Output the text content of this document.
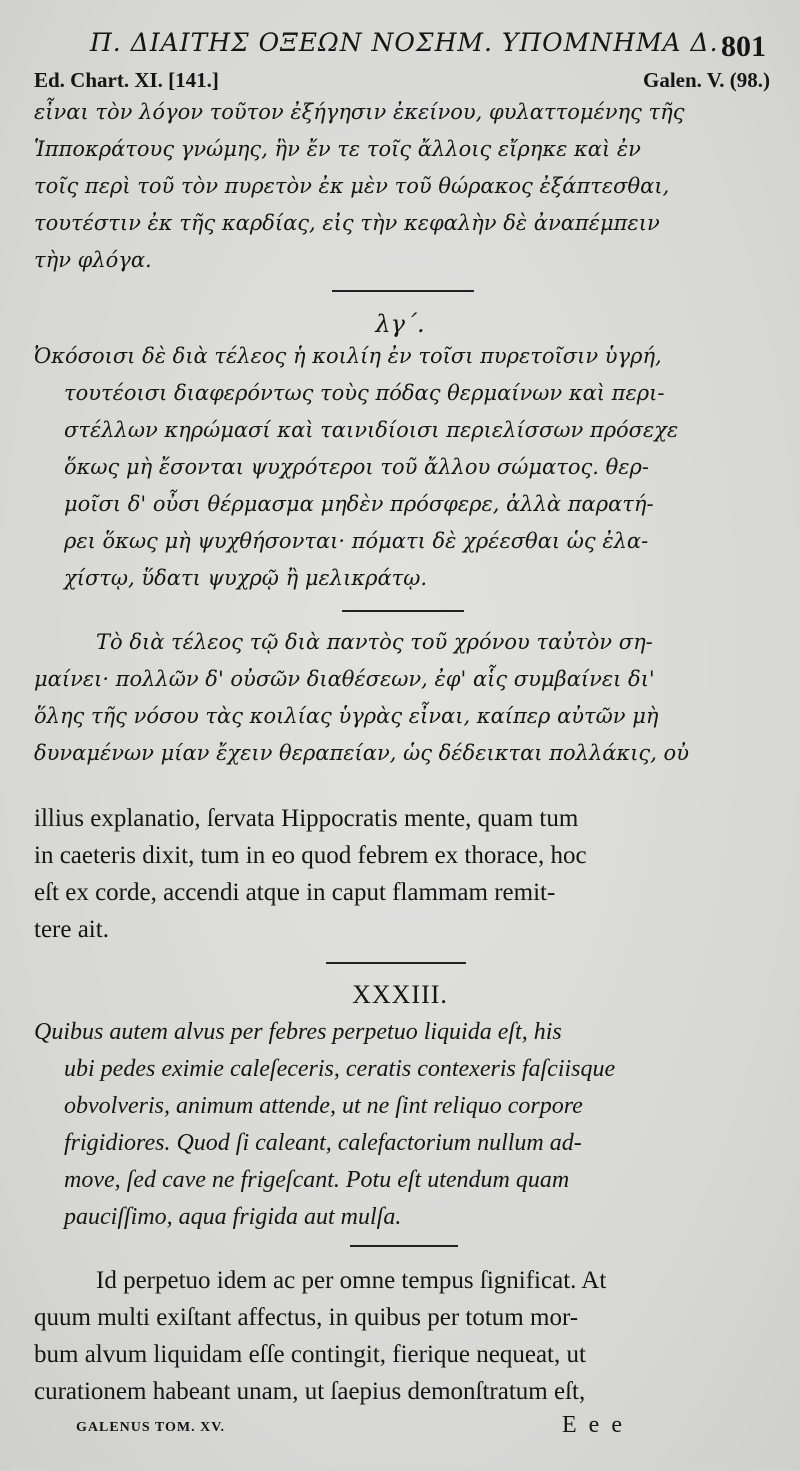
Π. ΔΙΑΙΤΗΣ ΟΞΕΩΝ ΝΟΣΗΜ. ΥΠΟΜΝΗΜΑ Δ. 801
Ed. Chart. XI. [141.]	Galen. V. (98.)
εἶναι τὸν λόγον τοῦτον ἐξήγησιν ἐκείνου, φυλαττομένης τῆς
Ἱπποκράτους γνώμης, ἣν ἔν τε τοῖς ἄλλοις εἴρηκε καὶ ἐν
τοῖς περὶ τοῦ τὸν πυρετὸν ἐκ μὲν τοῦ θώρακος ἐξάπτεσθαι,
τουτέστιν ἐκ τῆς καρδίας, εἰς τὴν κεφαλὴν δὲ ἀναπέμπειν
τὴν φλόγα.
λγ΄.
Ὀκόσοισι δὲ διὰ τέλεος ἡ κοιλίη ἐν τοῖσι πυρετοῖσιν ὑγρή,
τουτέοισι διαφερόντως τοὺς πόδας θερμαίνων καὶ περι-
στέλλων κηρώμασί καὶ ταινιδίοισι περιελίσσων πρόσεχε
ὅκως μὴ ἔσονται ψυχρότεροι τοῦ ἄλλου σώματος. θερ-
μοῖσι δ' οὖσι θέρμασμα μηδὲν πρόσφερε, ἀλλὰ παρατή-
ρει ὅκως μὴ ψυχθήσονται· πόματι δὲ χρέεσθαι ὡς ἐλα-
χίστῳ, ὕδατι ψυχρῷ ἢ μελικράτῳ.
Τὸ διὰ τέλεος τῷ διὰ παντὸς τοῦ χρόνου ταὐτὸν ση-
μαίνει· πολλῶν δ' οὐσῶν διαθέσεων, ἐφ' αἷς συμβαίνει δι'
ὅλης τῆς νόσου τὰς κοιλίας ὑγρὰς εἶναι, καίπερ αὐτῶν μὴ
δυναμένων μίαν ἔχειν θεραπείαν, ὡς δέδεικται πολλάκις, οὐ
illius explanatio, ſervata Hippocratis mente, quam tum
in caeteris dixit, tum in eo quod febrem ex thorace, hoc
eſt ex corde, accendi atque in caput flammam remit-
tere ait.
XXXIII.
Quibus autem alvus per febres perpetuo liquida eſt, his
ubi pedes eximie caleſeceris, ceratis contexeris faſciisque
obvolveris, animum attende, ut ne ſint reliquo corpore
frigidiores. Quod ſi caleant, calefactorium nullum ad-
move, ſed cave ne frigeſcant. Potu eſt utendum quam
pauciſſimo, aqua frigida aut mulſa.
Id perpetuo idem ac per omne tempus ſignificat. At
quum multi exiſtant affectus, in quibus per totum mor-
bum alvum liquidam eſſe contingit, fierique nequeat, ut
curationem habeant unam, ut ſaepius demonſtratum eſt,
GALENUS TOM. XV.	E e e
